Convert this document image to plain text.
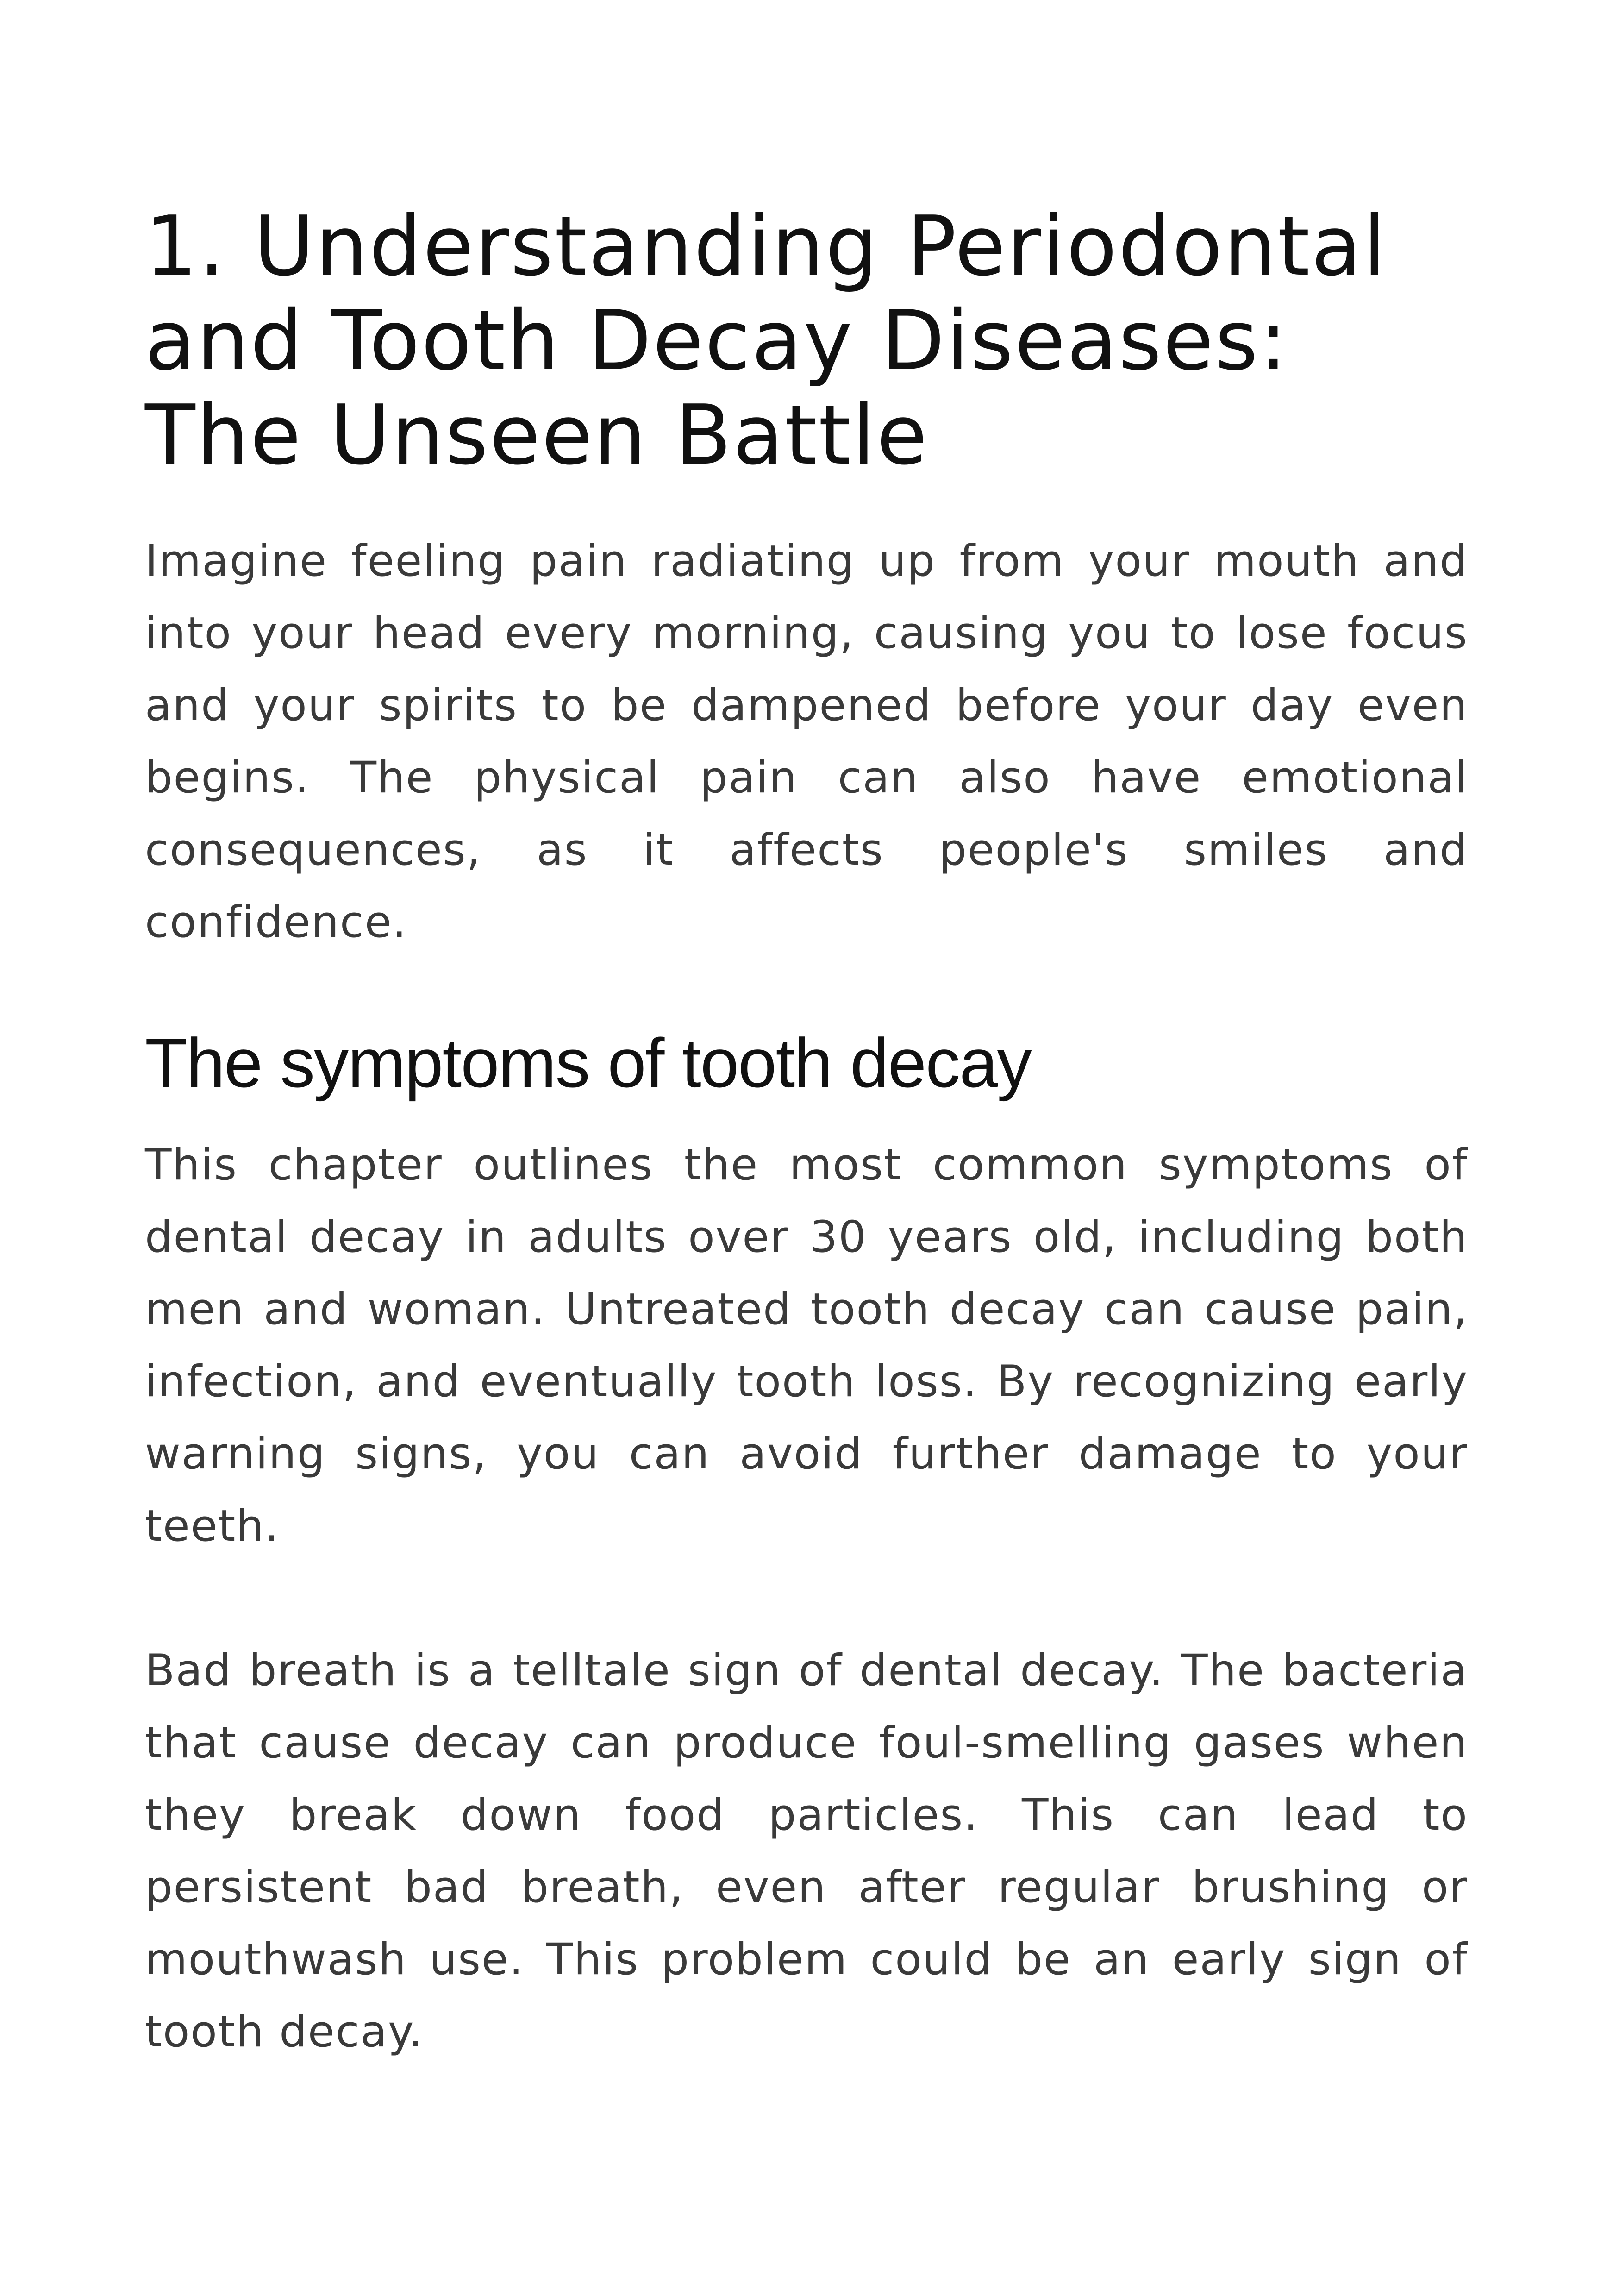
1. Understanding Periodontal
and Tooth Decay Diseases:
The Unseen Battle

Imagine feeling pain radiating up from your mouth and into your head every morning, causing you to lose focus and your spirits to be dampened before your day even begins. The physical pain can also have emotional consequences, as it affects people's smiles and confidence.

The symptoms of tooth decay

This chapter outlines the most common symptoms of dental decay in adults over 30 years old, including both men and woman. Untreated tooth decay can cause pain, infection, and eventually tooth loss. By recognizing early warning signs, you can avoid further damage to your teeth.

Bad breath is a telltale sign of dental decay. The bacteria that cause decay can produce foul-smelling gases when they break down food particles. This can lead to persistent bad breath, even after regular brushing or mouthwash use. This problem could be an early sign of tooth decay.
